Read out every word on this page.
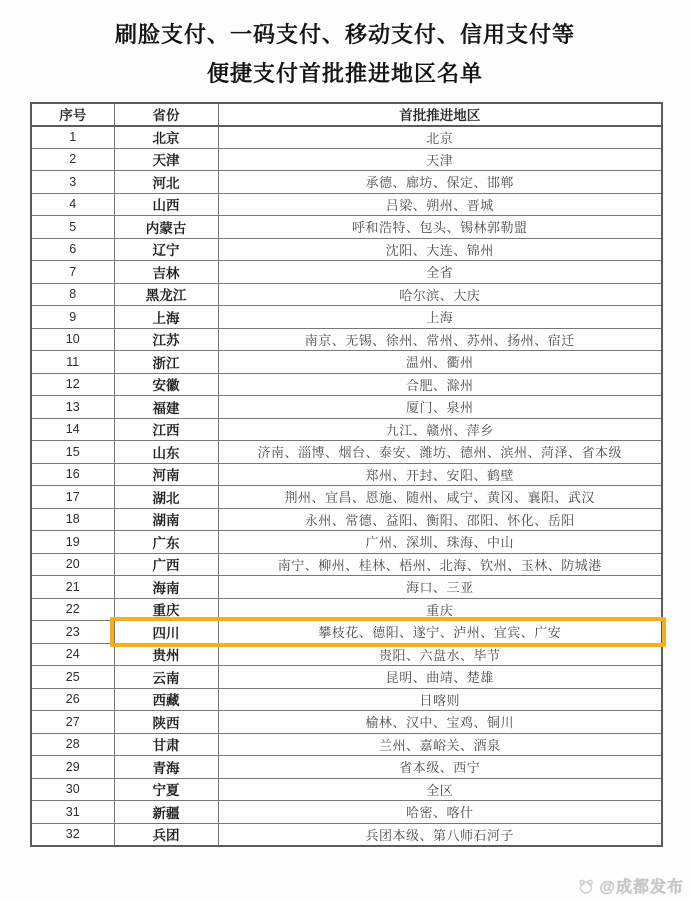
刷脸支付、一码支付、移动支付、信用支付等
便捷支付首批推进地区名单
序号	省份	首批推进地区
1	北京	北京
2	天津	天津
3	河北	承德、廊坊、保定、邯郸
4	山西	吕梁、朔州、晋城
5	内蒙古	呼和浩特、包头、锡林郭勒盟
6	辽宁	沈阳、大连、锦州
7	吉林	全省
8	黑龙江	哈尔滨、大庆
9	上海	上海
10	江苏	南京、无锡、徐州、常州、苏州、扬州、宿迁
11	浙江	温州、衢州
12	安徽	合肥、滁州
13	福建	厦门、泉州
14	江西	九江、赣州、萍乡
15	山东	济南、淄博、烟台、泰安、潍坊、德州、滨州、菏泽、省本级
16	河南	郑州、开封、安阳、鹤壁
17	湖北	荆州、宜昌、恩施、随州、咸宁、黄冈、襄阳、武汉
18	湖南	永州、常德、益阳、衡阳、邵阳、怀化、岳阳
19	广东	广州、深圳、珠海、中山
20	广西	南宁、柳州、桂林、梧州、北海、钦州、玉林、防城港
21	海南	海口、三亚
22	重庆	重庆
23	四川	攀枝花、德阳、遂宁、泸州、宜宾、广安
24	贵州	贵阳、六盘水、毕节
25	云南	昆明、曲靖、楚雄
26	西藏	日喀则
27	陕西	榆林、汉中、宝鸡、铜川
28	甘肃	兰州、嘉峪关、酒泉
29	青海	省本级、西宁
30	宁夏	全区
31	新疆	哈密、喀什
32	兵团	兵团本级、第八师石河子
@成都发布
